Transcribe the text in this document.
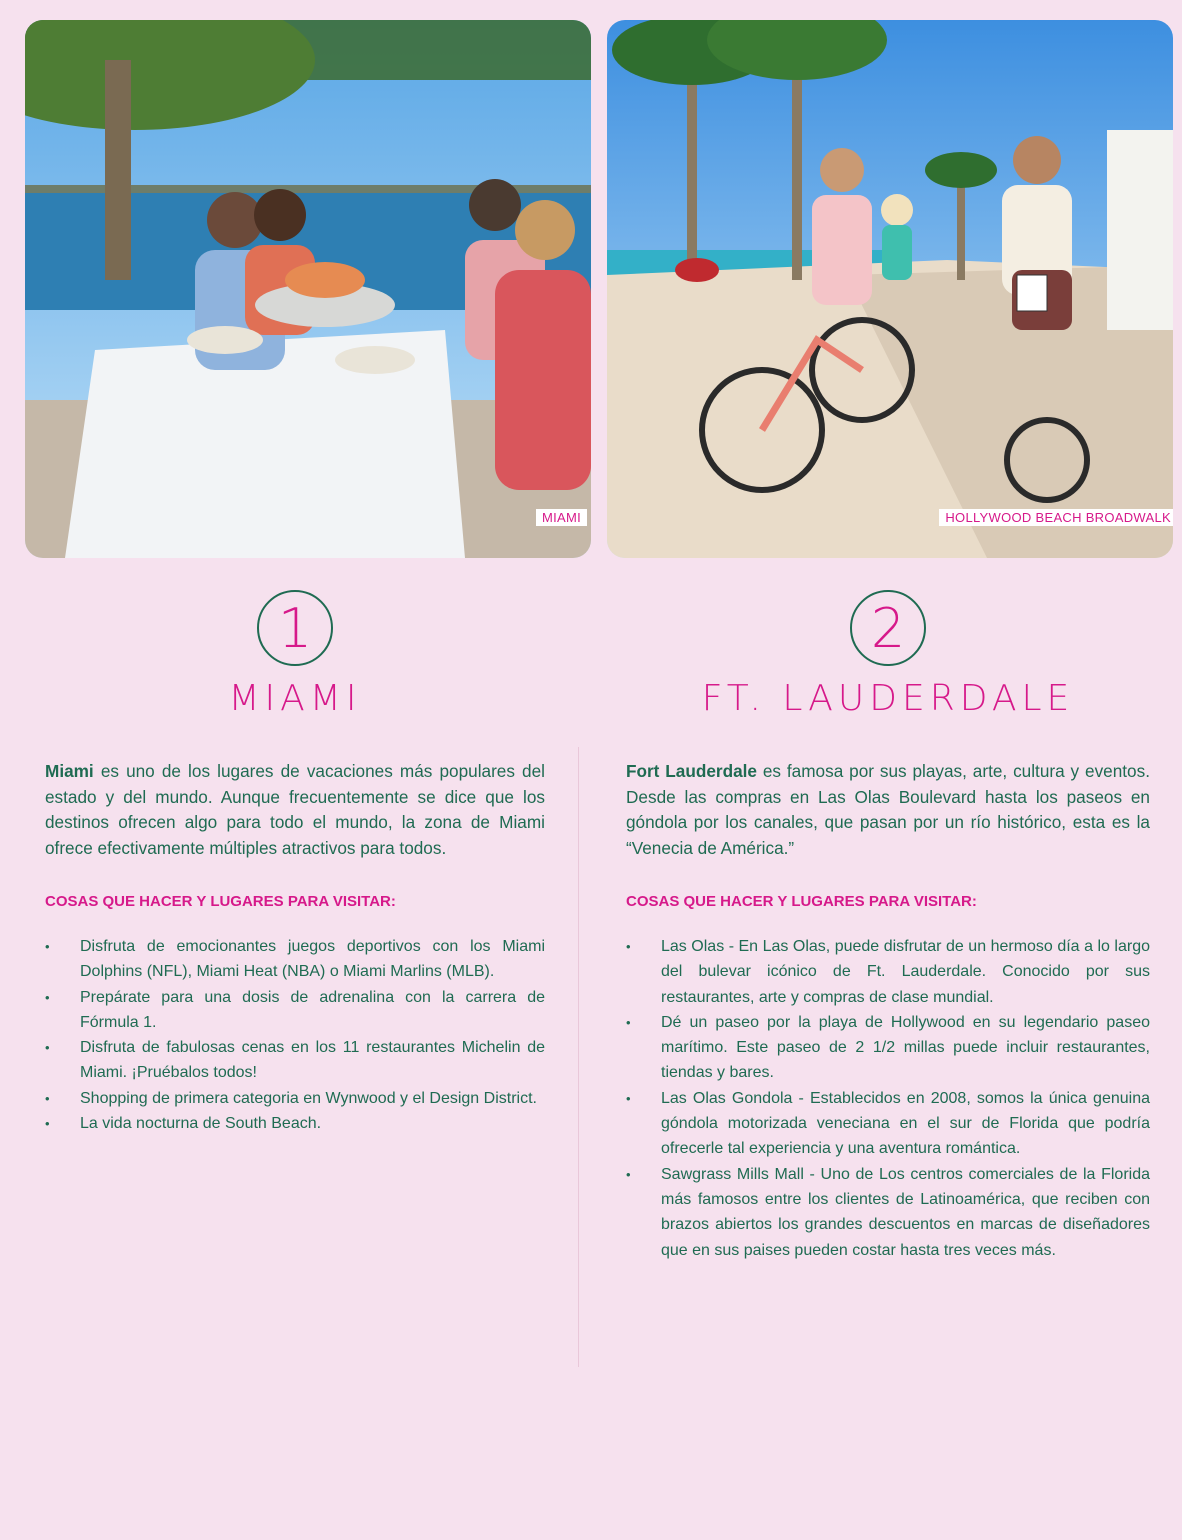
MIAMI	HOLLYWOOD BEACH BROADWALK
1
MIAMI

Miami es uno de los lugares de vacaciones más populares del estado y del mundo. Aunque frecuentemente se dice que los destinos ofrecen algo para todo el mundo, la zona de Miami ofrece efectivamente múltiples atractivos para todos.

COSAS QUE HACER Y LUGARES PARA VISITAR:
• Disfruta de emocionantes juegos deportivos con los Miami Dolphins (NFL), Miami Heat (NBA) o Miami Marlins (MLB).
• Prepárate para una dosis de adrenalina con la carrera de Fórmula 1.
• Disfruta de fabulosas cenas en los 11 restaurantes Michelin de Miami. ¡Pruébalos todos!
• Shopping de primera categoria en Wynwood y el Design District.
• La vida nocturna de South Beach.
2
FT. LAUDERDALE

Fort Lauderdale es famosa por sus playas, arte, cultura y eventos. Desde las compras en Las Olas Boulevard hasta los paseos en góndola por los canales, que pasan por un río histórico, esta es la “Venecia de América.”

COSAS QUE HACER Y LUGARES PARA VISITAR:
• Las Olas - En Las Olas, puede disfrutar de un hermoso día a lo largo del bulevar icónico de Ft. Lauderdale. Conocido por sus restaurantes, arte y compras de clase mundial.
• Dé un paseo por la playa de Hollywood en su legendario paseo marítimo. Este paseo de 2 1/2 millas puede incluir restaurantes, tiendas y bares.
• Las Olas Gondola - Establecidos en 2008, somos la única genuina góndola motorizada veneciana en el sur de Florida que podría ofrecerle tal experiencia y una aventura romántica.
• Sawgrass Mills Mall - Uno de Los centros comerciales de la Florida más famosos entre los clientes de Latinoamérica, que reciben con brazos abiertos los grandes descuentos en marcas de diseñadores que en sus paises pueden costar hasta tres veces más.
